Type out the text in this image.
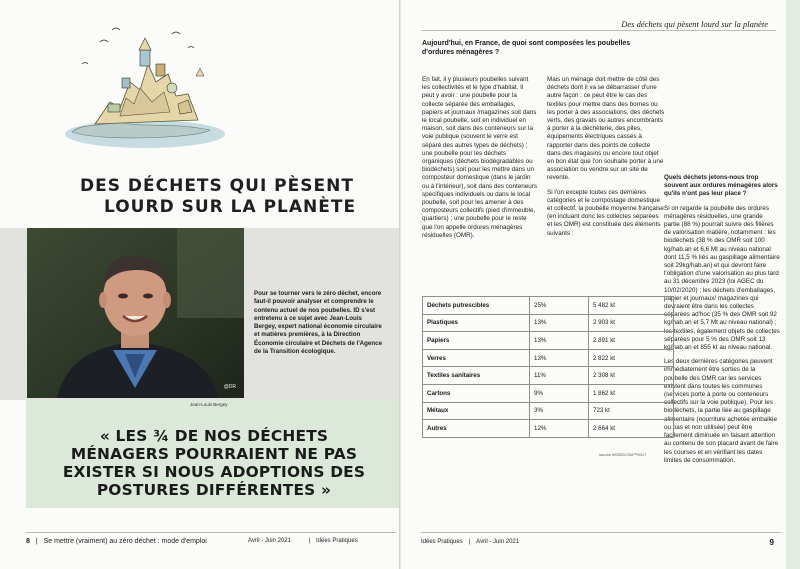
DES DÉCHETS QUI PÈSENT
LOURD SUR LA PLANÈTE
@DR
Pour se tourner vers le zéro déchet, encore faut-il pouvoir analyser et comprendre le contenu actuel de nos poubelles. ID s'est entretenu à ce sujet avec Jean-Louis Bergey, expert national économie circulaire et matières premières, à la Direction Économie circulaire et Déchets de l'Agence de la Transition écologique.
Jean-Louis Bergey
« LES ¾ DE NOS DÉCHETS
MÉNAGERS POURRAIENT NE PAS
EXISTER SI NOUS ADOPTIONS DES
POSTURES DIFFÉRENTES »
8 | Se mettre (vraiment) au zéro déchet : mode d'emploi	Avril - Juin 2021	| Idées Pratiques
Des déchets qui pèsent lourd sur la planète
Aujourd'hui, en France, de quoi sont composées les poubelles d'ordures ménagères ?

En fait, il y plusieurs poubelles suivant les collectivités et le type d'habitat. Il peut y avoir : une poubelle pour la collecte séparée des emballages, papiers et journaux /magazines soit dans le local poubelle, soit en individuel en maison, soit dans des conteneurs sur la voie publique (souvent le verre est séparé des autres types de déchets) ; une poubelle pour les déchets organiques (déchets biodégradables ou biodéchets) soit pour les mettre dans un composteur domestique (dans le jardin ou à l'intérieur), soit dans des conteneurs spécifiques individuels ou dans le local poubelle, soit pour les amener à des composteurs collectifs (pied d'immeuble, quartiers) ; une poubelle pour le reste que l'on appelle ordures ménagères résiduelles (OMR).

Mais un ménage doit mettre de côté des déchets dont il va se débarrasser d'une autre façon : ce peut être le cas des textiles pour mettre dans des bornes ou les porter à des associations, des déchets verts, des gravats ou autres encombrants à porter à la déchèterie, des piles, équipements électriques cassés à rapporter dans des points de collecte dans des magasins ou encore tout objet en bon état que l'on souhaite porter à une association ou vendre sur un site de revente.

Si l'on excepte toutes ces dernières catégories et le compostage domestique et collectif, la poubelle moyenne française (en incluant donc les collectes séparées et les OMR) est constituée des éléments suivants :

Quels déchets jetons-nous trop souvent aux ordures ménagères alors qu'ils n'ont pas leur place ?

Si on regarde la poubelle des ordures ménagères résiduelles, une grande partie (88 %) pourrait suivre des filières de valorisation matière, notamment : les biodéchets (38 % des OMR soit 100 kg/hab.an et 6,6 Mt au niveau national dont 11,5 % liés au gaspillage alimentaire soit 29kg/hab.an) et qui devront faire l'obligation d'une valorisation au plus tard au 31 décembre 2023 (loi AGEC du 10/02/2020) ; les déchets d'emballages, papier et journaux/ magazines qui devraient être dans les collectes séparées ad'hoc (35 % des OMR soit 92 kg/hab.an et 5,7 Mt au niveau national) ; les textiles, également objets de collectes séparées pour 5 % des OMR soit 13 kg/hab.an et 855 kt au niveau national.

Les deux dernières catégories peuvent immédiatement être sorties de la poubelle des OMR car les services existent dans toutes les communes (services porte à porte ou conteneurs collectifs sur la voie publique). Pour les biodéchets, la partie liée au gaspillage alimentaire (nourriture achetée emballée ou pas et non utilisée) peut être facilement diminuée en faisant attention au contenu de son placard avant de faire les courses et en vérifiant les dates limites de consommation.

Déchets putrescibles	25%	5 482 kt
Plastiques	13%	2 903 kt
Papiers	13%	2 891 kt
Verres	13%	2 822 kt
Textiles sanitaires	11%	2 308 kt
Cartons	9%	1 862 kt
Métaux	3%	723 kt
Autres	12%	2 664 kt
source MODECOM™2017
Idées Pratiques | Avril - Juin 2021	9
